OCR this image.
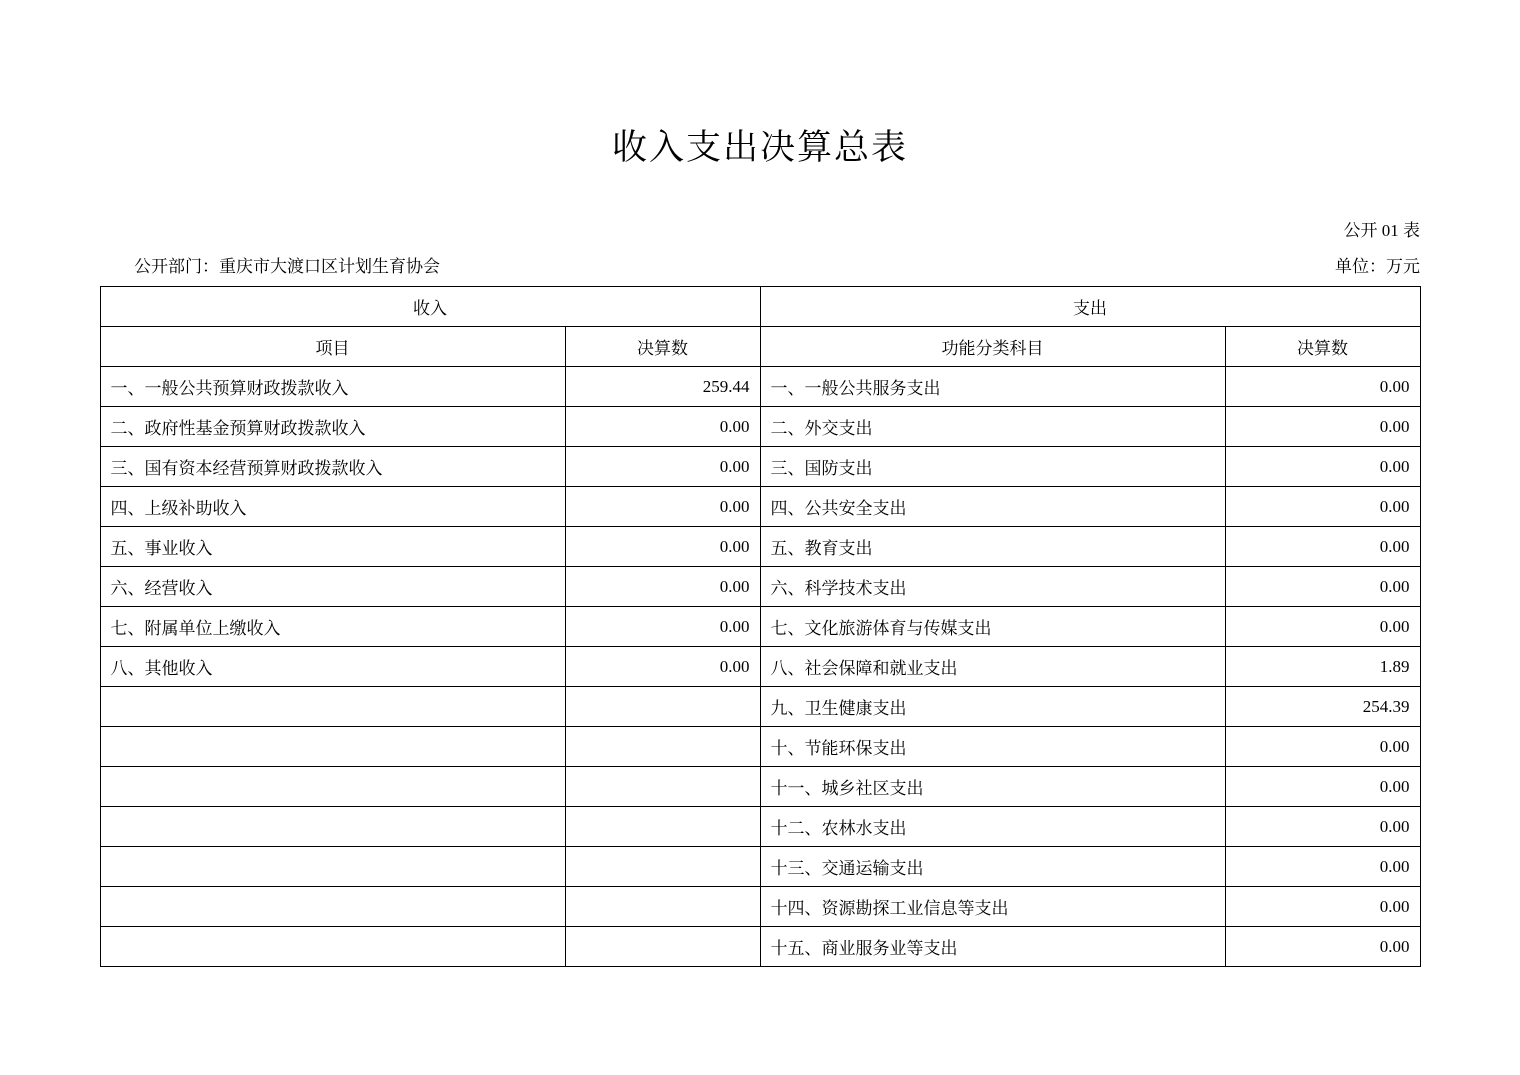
收入支出决算总表
公开 01 表
公开部门：重庆市大渡口区计划生育协会	单位：万元
收入		支出	
项目	决算数	功能分类科目	决算数
一、一般公共预算财政拨款收入	259.44	一、一般公共服务支出	0.00
二、政府性基金预算财政拨款收入	0.00	二、外交支出	0.00
三、国有资本经营预算财政拨款收入	0.00	三、国防支出	0.00
四、上级补助收入	0.00	四、公共安全支出	0.00
五、事业收入	0.00	五、教育支出	0.00
六、经营收入	0.00	六、科学技术支出	0.00
七、附属单位上缴收入	0.00	七、文化旅游体育与传媒支出	0.00
八、其他收入	0.00	八、社会保障和就业支出	1.89
		九、卫生健康支出	254.39
		十、节能环保支出	0.00
		十一、城乡社区支出	0.00
		十二、农林水支出	0.00
		十三、交通运输支出	0.00
		十四、资源勘探工业信息等支出	0.00
		十五、商业服务业等支出	0.00
